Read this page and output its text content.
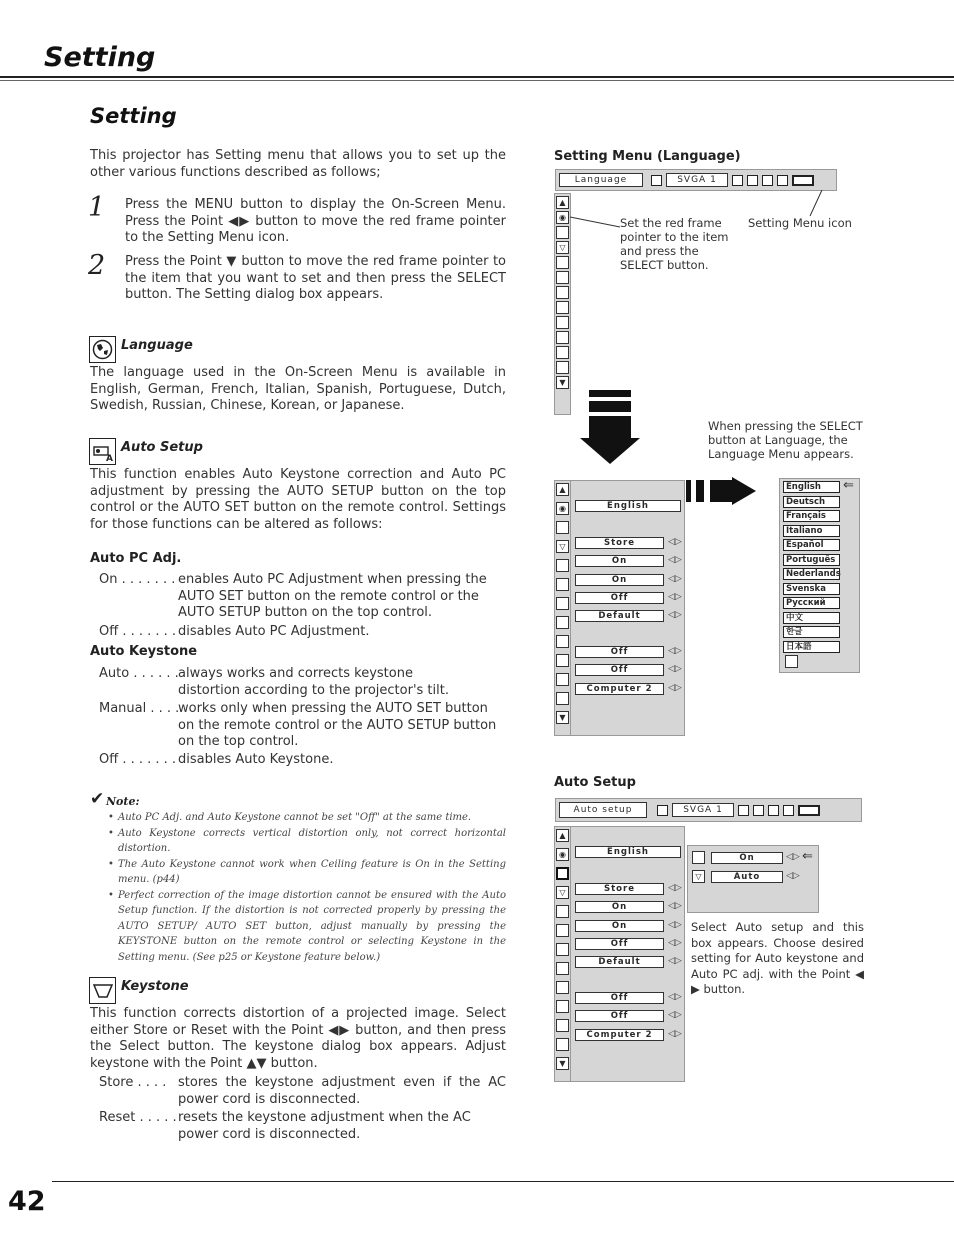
Setting
Setting
This projector has Setting menu that allows you to set up the other various functions described as follows;
1 Press the MENU button to display the On-Screen Menu. Press the Point ◀▶ button to move the red frame pointer to the Setting Menu icon.
2 Press the Point ▼ button to move the red frame pointer to the item that you want to set and then press the SELECT button. The Setting dialog box appears.
Language
The language used in the On-Screen Menu is available in English, German, French, Italian, Spanish, Portuguese, Dutch, Swedish, Russian, Chinese, Korean, or Japanese.
A
Auto Setup
This function enables Auto Keystone correction and Auto PC adjustment by pressing the AUTO SETUP button on the top control or the AUTO SET button on the remote control. Settings for those functions can be altered as follows:
Auto PC Adj.
On . . . . . . . enables Auto PC Adjustment when pressing the AUTO SET button on the remote control or the AUTO SETUP button on the top control.
Off . . . . . . . disables Auto PC Adjustment.
Auto Keystone
Auto . . . . . . always works and corrects keystone distortion according to the projector's tilt.
Manual . . . .
works only when pressing the AUTO SET button on the remote control or the AUTO SETUP button on the top control.
Off . . . . . . . disables Auto Keystone.
✔ Note:
• Auto PC Adj. and Auto Keystone cannot be set "Off" at the same time.
• Auto Keystone corrects vertical distortion only, not correct horizontal distortion.
• The Auto Keystone cannot work when Ceiling feature is On in the Setting menu. (p44)
• Perfect correction of the image distortion cannot be ensured with the Auto Setup function. If the distortion is not corrected properly by pressing the AUTO SETUP/ AUTO SET button, adjust manually by pressing the KEYSTONE button on the remote control or selecting Keystone in the Setting menu. (See p25 or Keystone feature below.)
Keystone
This function corrects distortion of a projected image. Select either Store or Reset with the Point ◀▶ button, and then press the Select button. The keystone dialog box appears. Adjust keystone with the Point ▲▼ button.
Store . . . . stores the keystone adjustment even if the AC power cord is disconnected.
Reset . . . . . resets the keystone adjustment when the AC power cord is disconnected.
Setting Menu (Language)
Language	SVGA 1
▲
◉
▽
▼
Set the red frame pointer to the item and press the SELECT button.
Setting Menu icon
When pressing the SELECT button at Language, the Language Menu appears.
▲
◉
▽
▼
English
Store
On
On
Off
Default
Off
Off
Computer 2
◁▷
◁▷
◁▷
◁▷
◁▷
◁▷
◁▷
◁▷
English
Deutsch
Français
Italiano
Español
Português
Nederlands
Svenska
Русский
中文
한글
日本語
⇐
Auto Setup
Auto setup	SVGA 1
▲
◉
▽
▼
English
Store
On
On
Off
Default
Off
Off
Computer 2
◁▷
◁▷
◁▷
◁▷
◁▷
◁▷
◁▷
◁▷
▽
On
Auto
◁▷
◁▷
⇐
Select Auto setup and this box appears. Choose desired setting for Auto keystone and Auto PC adj. with the Point ◀ ▶ button.
42
